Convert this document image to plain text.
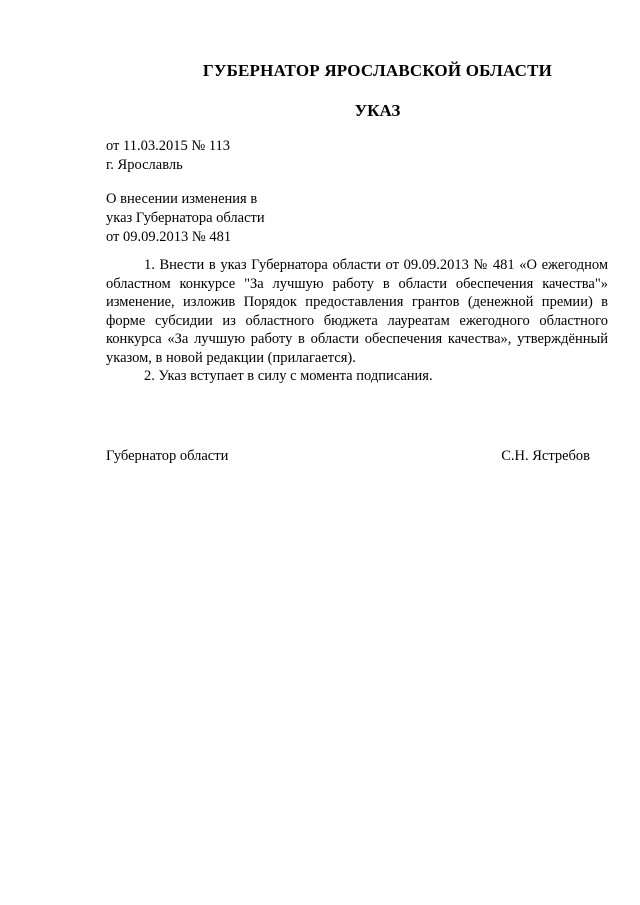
ГУБЕРНАТОР ЯРОСЛАВСКОЙ ОБЛАСТИ
УКАЗ
от 11.03.2015 № 113
г. Ярославль
О внесении изменения в
указ Губернатора области
от 09.09.2013 № 481

1. Внести в указ Губернатора области от 09.09.2013 № 481 «О ежегодном областном конкурсе "За лучшую работу в области обеспечения качества"» изменение, изложив Порядок предоставления грантов (денежной премии) в форме субсидии из областного бюджета лауреатам ежегодного областного конкурса «За лучшую работу в области обеспечения качества», утверждённый указом, в новой редакции (прилагается).

2. Указ вступает в силу с момента подписания.

Губернатор области	С.Н. Ястребов
